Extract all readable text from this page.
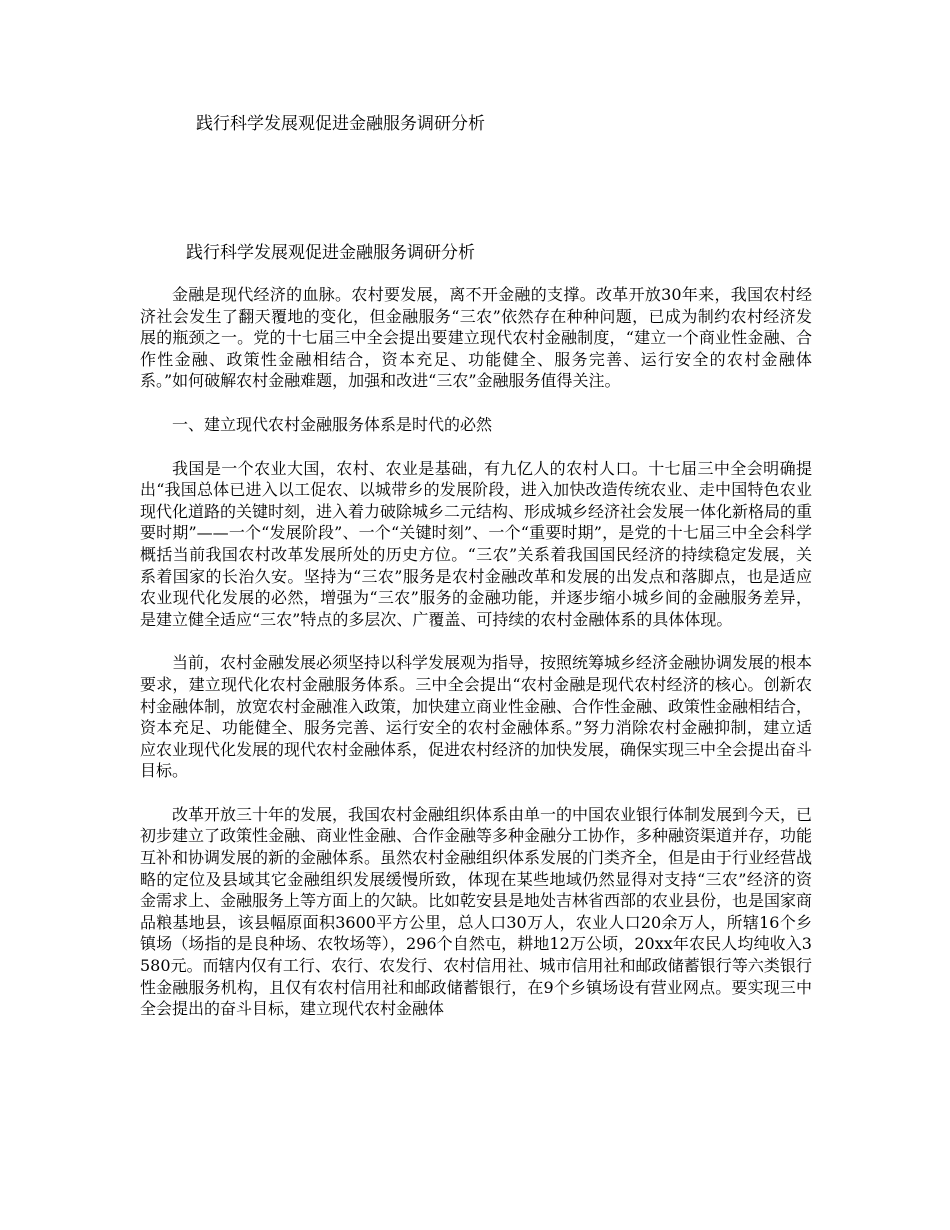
践行科学发展观促进金融服务调研分析
践行科学发展观促进金融服务调研分析

金融是现代经济的血脉。农村要发展，离不开金融的支撑。改革开放30年来，我国农村经济社会发生了翻天覆地的变化，但金融服务“三农”依然存在种种问题，已成为制约农村经济发展的瓶颈之一。党的十七届三中全会提出要建立现代农村金融制度，“建立一个商业性金融、合作性金融、政策性金融相结合，资本充足、功能健全、服务完善、运行安全的农村金融体系。”如何破解农村金融难题，加强和改进“三农”金融服务值得关注。

一、建立现代农村金融服务体系是时代的必然

我国是一个农业大国，农村、农业是基础，有九亿人的农村人口。十七届三中全会明确提出“我国总体已进入以工促农、以城带乡的发展阶段，进入加快改造传统农业、走中国特色农业现代化道路的关键时刻，进入着力破除城乡二元结构、形成城乡经济社会发展一体化新格局的重要时期”——一个“发展阶段”、一个“关键时刻”、一个“重要时期”，是党的十七届三中全会科学概括当前我国农村改革发展所处的历史方位。“三农”关系着我国国民经济的持续稳定发展，关系着国家的长治久安。坚持为“三农”服务是农村金融改革和发展的出发点和落脚点，也是适应农业现代化发展的必然，增强为“三农”服务的金融功能，并逐步缩小城乡间的金融服务差异，是建立健全适应“三农”特点的多层次、广覆盖、可持续的农村金融体系的具体体现。

当前，农村金融发展必须坚持以科学发展观为指导，按照统筹城乡经济金融协调发展的根本要求，建立现代化农村金融服务体系。三中全会提出“农村金融是现代农村经济的核心。创新农村金融体制，放宽农村金融准入政策，加快建立商业性金融、合作性金融、政策性金融相结合，资本充足、功能健全、服务完善、运行安全的农村金融体系。”努力消除农村金融抑制，建立适应农业现代化发展的现代农村金融体系，促进农村经济的加快发展，确保实现三中全会提出奋斗目标。

改革开放三十年的发展，我国农村金融组织体系由单一的中国农业银行体制发展到今天，已初步建立了政策性金融、商业性金融、合作金融等多种金融分工协作，多种融资渠道并存，功能互补和协调发展的新的金融体系。虽然农村金融组织体系发展的门类齐全，但是由于行业经营战略的定位及县域其它金融组织发展缓慢所致，体现在某些地域仍然显得对支持“三农”经济的资金需求上、金融服务上等方面上的欠缺。比如乾安县是地处吉林省西部的农业县份，也是国家商品粮基地县，该县幅原面积3600平方公里，总人口30万人，农业人口20余万人，所辖16个乡镇场（场指的是良种场、农牧场等），296个自然屯，耕地12万公顷，20xx年农民人均纯收入3580元。而辖内仅有工行、农行、农发行、农村信用社、城市信用社和邮政储蓄银行等六类银行性金融服务机构，且仅有农村信用社和邮政储蓄银行，在9个乡镇场设有营业网点。要实现三中全会提出的奋斗目标，建立现代农村金融体
